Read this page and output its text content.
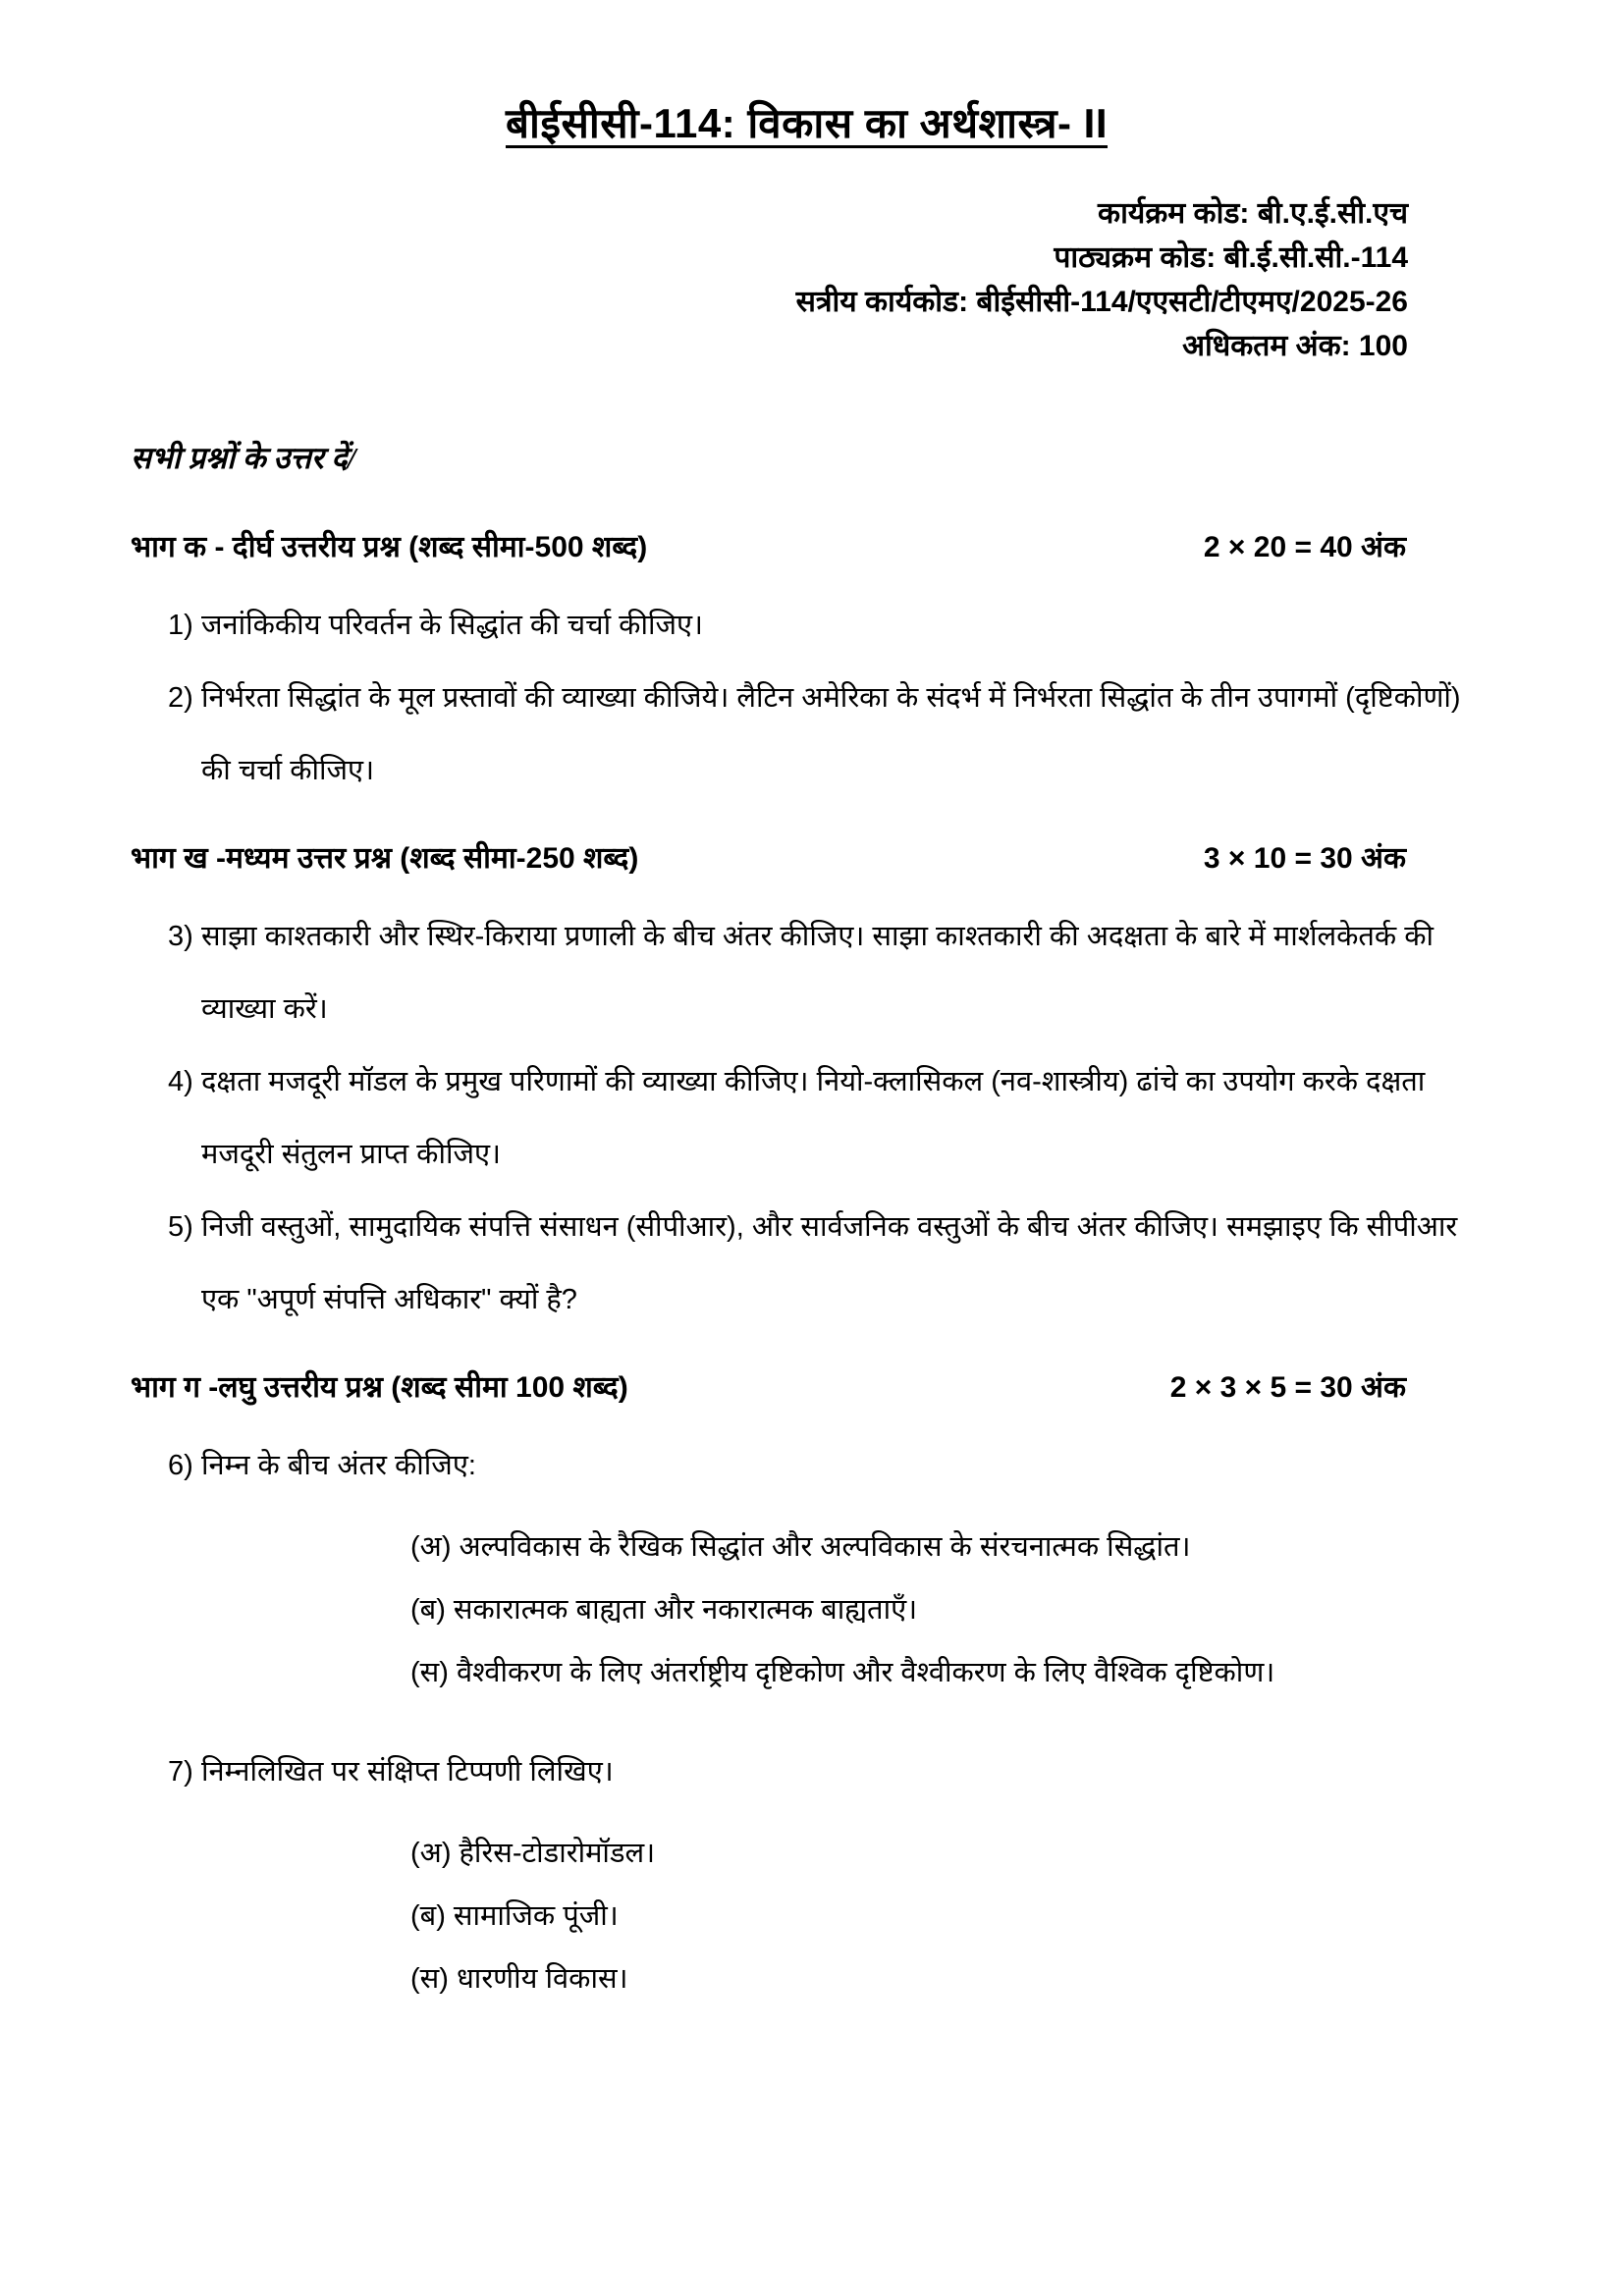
बीईसीसी-114: विकास का अर्थशास्त्र- II
कार्यक्रम कोड: बी.ए.ई.सी.एच
पाठ्यक्रम कोड: बी.ई.सी.सी.-114
सत्रीय कार्यकोड: बीईसीसी-114/एएसटी/टीएमए/2025-26
अधिकतम अंक: 100
सभी प्रश्नों के उत्तर दें/
भाग क - दीर्घ उत्तरीय प्रश्न (शब्द सीमा-500 शब्द)	2 × 20 = 40 अंक
1) जनांकिकीय परिवर्तन के सिद्धांत की चर्चा कीजिए।
2) निर्भरता सिद्धांत के मूल प्रस्तावों की व्याख्या कीजिये। लैटिन अमेरिका के संदर्भ में निर्भरता सिद्धांत के तीन उपागमों (दृष्टिकोणों) की चर्चा कीजिए।
भाग ख -मध्यम उत्तर प्रश्न (शब्द सीमा-250 शब्द)	3 × 10 = 30 अंक
3) साझा काश्तकारी और स्थिर-किराया प्रणाली के बीच अंतर कीजिए। साझा काश्तकारी की अदक्षता के बारे में मार्शलकेतर्क की व्याख्या करें।
4) दक्षता मजदूरी मॉडल के प्रमुख परिणामों की व्याख्या कीजिए। नियो-क्लासिकल (नव-शास्त्रीय) ढांचे का उपयोग करके दक्षता मजदूरी संतुलन प्राप्त कीजिए।
5) निजी वस्तुओं, सामुदायिक संपत्ति संसाधन (सीपीआर), और सार्वजनिक वस्तुओं के बीच अंतर कीजिए। समझाइए कि सीपीआर एक "अपूर्ण संपत्ति अधिकार" क्यों है?
भाग ग -लघु उत्तरीय प्रश्न (शब्द सीमा 100 शब्द)	2 × 3 × 5 = 30 अंक
6) निम्न के बीच अंतर कीजिए:
(अ) अल्पविकास के रैखिक सिद्धांत और अल्पविकास के संरचनात्मक सिद्धांत।
(ब) सकारात्मक बाह्यता और नकारात्मक बाह्यताएँ।
(स) वैश्वीकरण के लिए अंतर्राष्ट्रीय दृष्टिकोण और वैश्वीकरण के लिए वैश्विक दृष्टिकोण।
7) निम्नलिखित पर संक्षिप्त टिप्पणी लिखिए।
(अ) हैरिस-टोडारोमॉडल।
(ब) सामाजिक पूंजी।
(स) धारणीय विकास।
